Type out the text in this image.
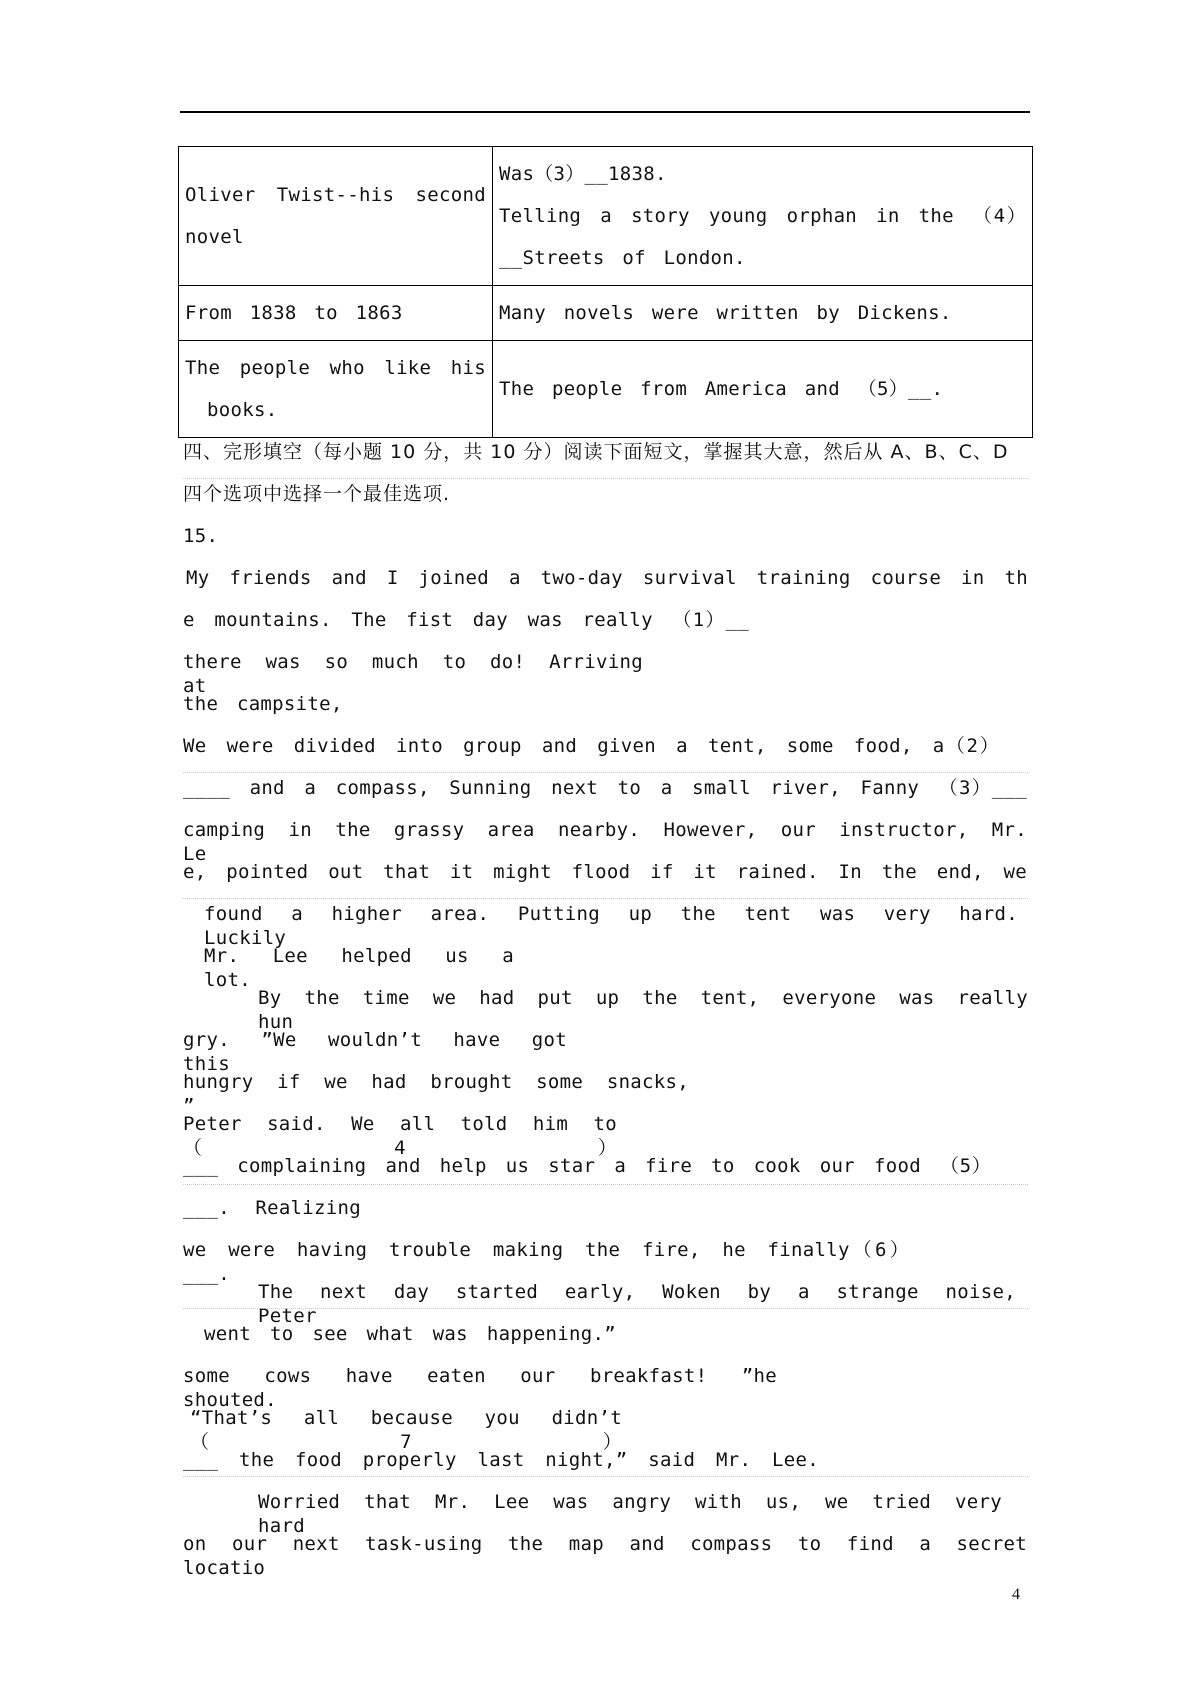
Oliver Twist--his second
novel	Was（3）__1838.
Telling a story young orphan in the （4）
__Streets of London.

From 1838 to 1863	Many novels were written by Dickens.

The people who like his
books.	The people from America and （5）__.
四、完形填空（每小题 10 分，共 10 分）阅读下面短文，掌握其大意，然后从 A、B、C、D
四个选项中选择一个最佳选项.
15.
My friends and I joined a two-day survival training course in th
e mountains. The fist day was really （1）__
there was so much to do! Arriving at
the campsite,
We were divided into group and given a tent, some food, a（2）
____ and a compass, Sunning next to a small river, Fanny （3）___
camping in the grassy area nearby. However, our instructor, Mr. Le
e, pointed out that it might flood if it rained. In the end, we
found a higher area. Putting up the tent was very hard. Luckily
Mr. Lee helped us a lot.
By the time we had put up the tent, everyone was really hun
gry. ”We wouldn’t have got this
hungry if we had brought some snacks, ”
Peter said. We all told him to（4）
___ complaining and help us star a fire to cook our food （5）
___. Realizing
we were having trouble making the fire, he finally（6）___.
The next day started early, Woken by a strange noise, Peter
went to see what was happening.”
some cows have eaten our breakfast! ”he shouted.
“That’s all because you didn’t （7）
___ the food properly last night,” said Mr. Lee.
Worried that Mr. Lee was angry with us, we tried very hard
on our next task-using the map and compass to find a secret locatio
4
